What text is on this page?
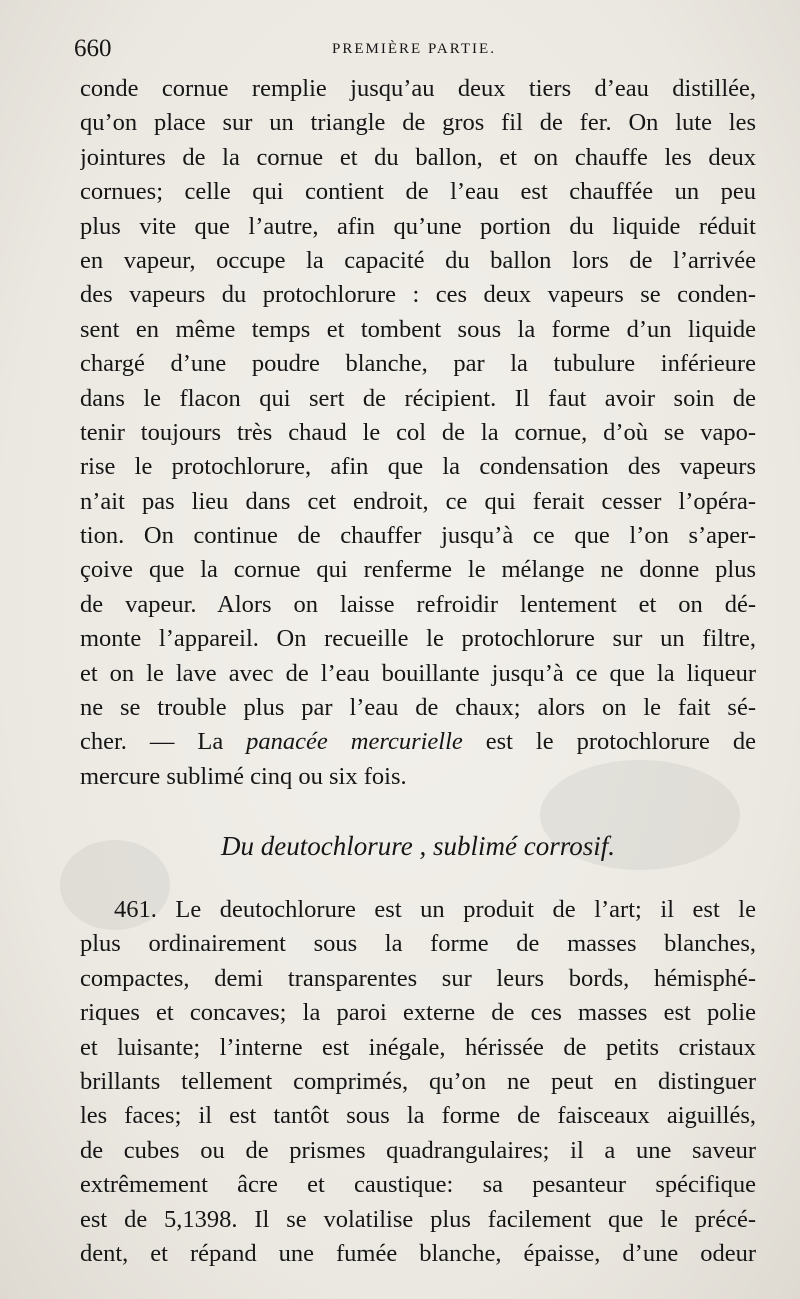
660	PREMIÈRE PARTIE.
conde cornue remplie jusqu’au deux tiers d’eau distillée,
qu’on place sur un triangle de gros fil de fer. On lute les
jointures de la cornue et du ballon, et on chauffe les deux
cornues; celle qui contient de l’eau est chauffée un peu
plus vite que l’autre, afin qu’une portion du liquide réduit
en vapeur, occupe la capacité du ballon lors de l’arrivée
des vapeurs du protochlorure : ces deux vapeurs se conden-
sent en même temps et tombent sous la forme d’un liquide
chargé d’une poudre blanche, par la tubulure inférieure
dans le flacon qui sert de récipient. Il faut avoir soin de
tenir toujours très chaud le col de la cornue, d’où se vapo-
rise le protochlorure, afin que la condensation des vapeurs
n’ait pas lieu dans cet endroit, ce qui ferait cesser l’opéra-
tion. On continue de chauffer jusqu’à ce que l’on s’aper-
çoive que la cornue qui renferme le mélange ne donne plus
de vapeur. Alors on laisse refroidir lentement et on dé-
monte l’appareil. On recueille le protochlorure sur un filtre,
et on le lave avec de l’eau bouillante jusqu’à ce que la liqueur
ne se trouble plus par l’eau de chaux; alors on le fait sé-
cher. — La panacée mercurielle est le protochlorure de
mercure sublimé cinq ou six fois.
Du deutochlorure , sublimé corrosif.
461. Le deutochlorure est un produit de l’art; il est le
plus ordinairement sous la forme de masses blanches,
compactes, demi transparentes sur leurs bords, hémisphé-
riques et concaves; la paroi externe de ces masses est polie
et luisante; l’interne est inégale, hérissée de petits cristaux
brillants tellement comprimés, qu’on ne peut en distinguer
les faces; il est tantôt sous la forme de faisceaux aiguillés,
de cubes ou de prismes quadrangulaires; il a une saveur
extrêmement âcre et caustique: sa pesanteur spécifique
est de 5,1398. Il se volatilise plus facilement que le précé-
dent, et répand une fumée blanche, épaisse, d’une odeur
